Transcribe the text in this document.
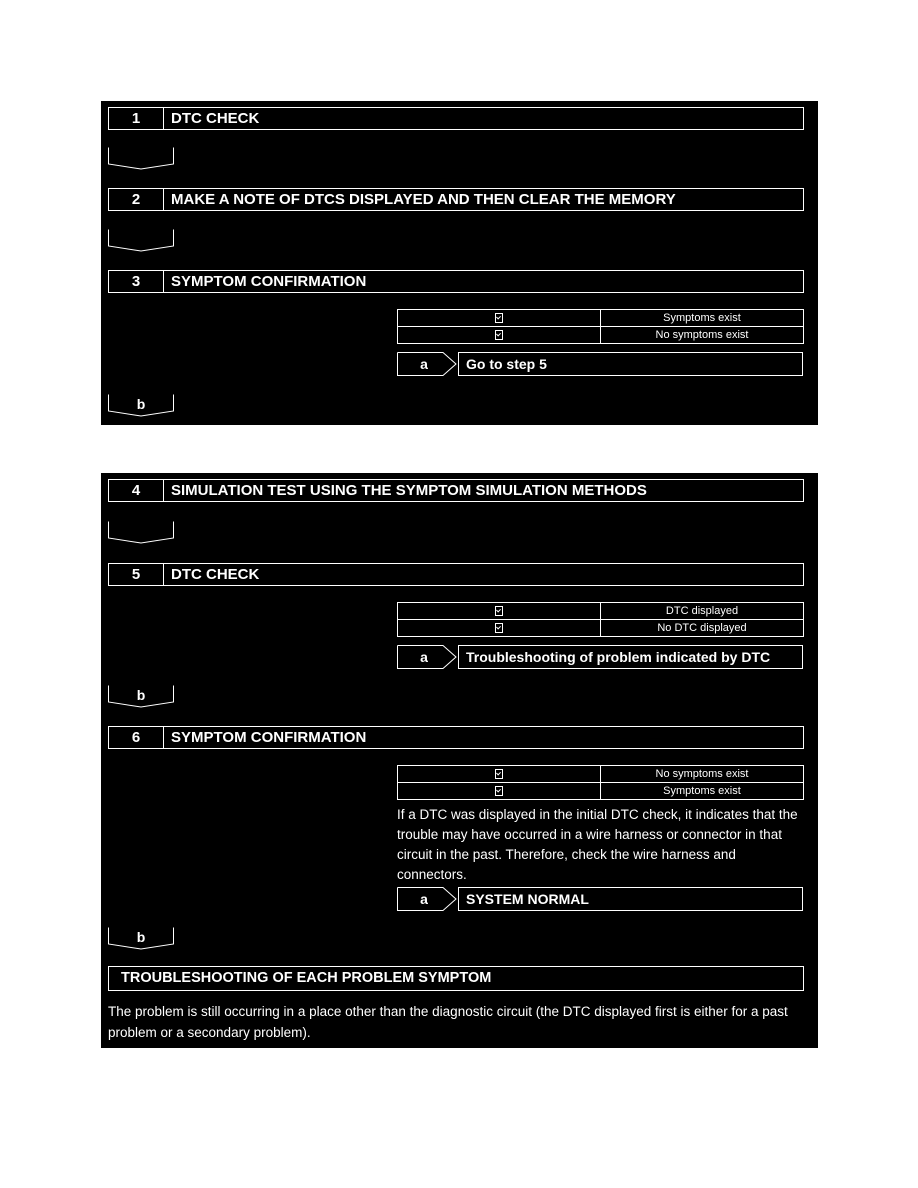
1	DTC CHECK
2	MAKE A NOTE OF DTCS DISPLAYED AND THEN CLEAR THE MEMORY
3	SYMPTOM CONFIRMATION
	Symptoms exist
	No symptoms exist
a	Go to step 5
b
4	SIMULATION TEST USING THE SYMPTOM SIMULATION METHODS
5	DTC CHECK
	DTC displayed
	No DTC displayed
a	Troubleshooting of problem indicated by DTC
b
6	SYMPTOM CONFIRMATION
	No symptoms exist
	Symptoms exist
If a DTC was displayed in the initial DTC check, it indicates that the trouble may have occurred in a wire harness or connector in that circuit in the past. Therefore, check the wire harness and connectors.
a	SYSTEM NORMAL
b
TROUBLESHOOTING OF EACH PROBLEM SYMPTOM
The problem is still occurring in a place other than the diagnostic circuit (the DTC displayed first is either for a past problem or a secondary problem).
